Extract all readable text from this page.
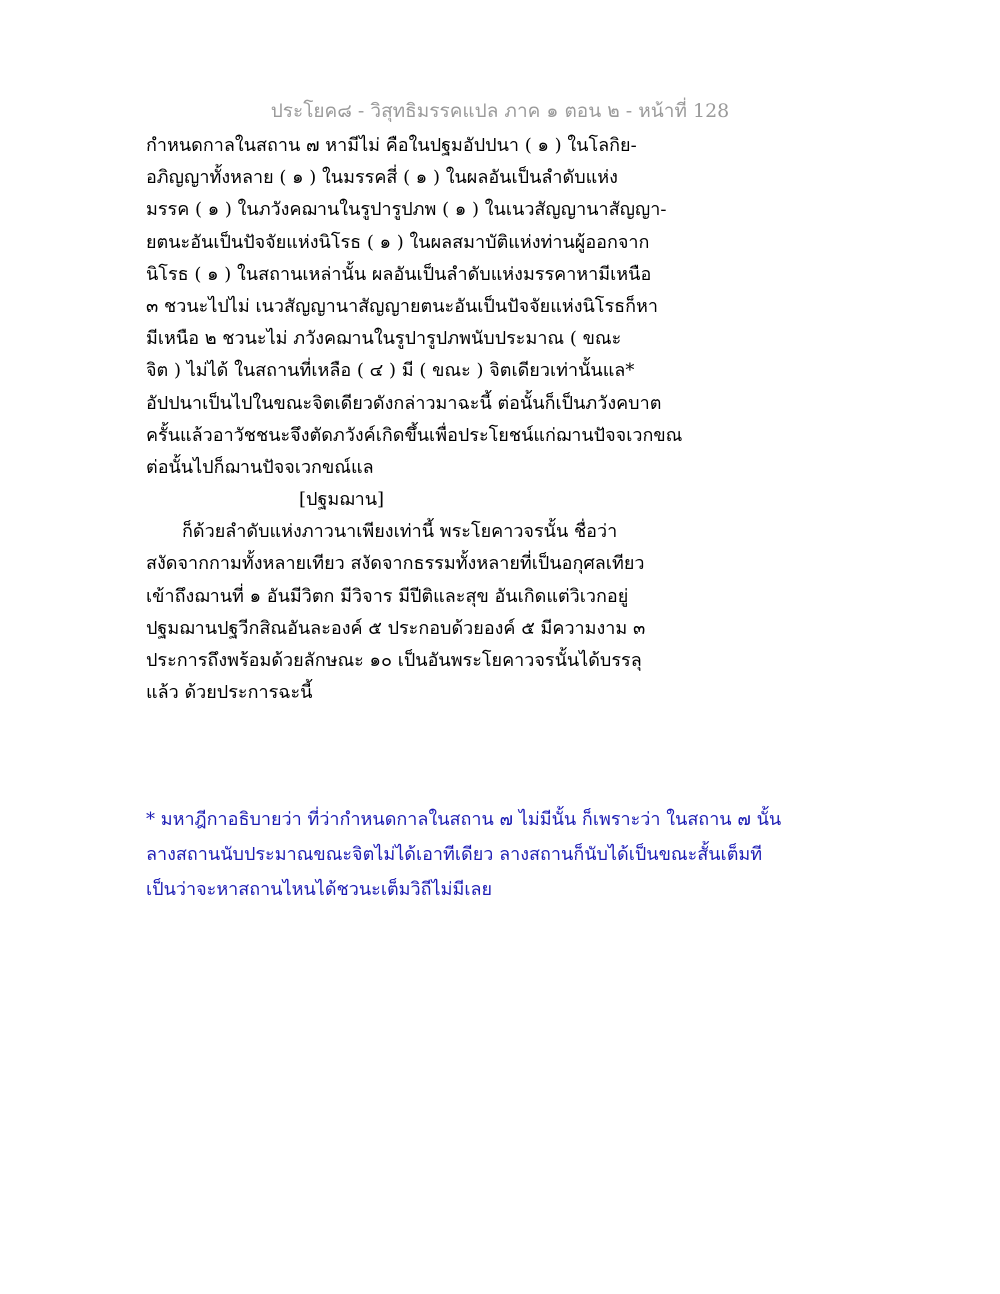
ประโยค๘ - วิสุทธิมรรคแปล ภาค ๑ ตอน ๒ - หน้าที่ 128
กำหนดกาลในสถาน ๗ หามีไม่ คือในปฐมอัปปนา ( ๑ ) ในโลกิย-
อภิญญาทั้งหลาย ( ๑ ) ในมรรคสี่ ( ๑ ) ในผลอันเป็นลำดับแห่ง
มรรค ( ๑ ) ในภวังคฌานในรูปารูปภพ ( ๑ ) ในเนวสัญญานาสัญญา-
ยตนะอันเป็นปัจจัยแห่งนิโรธ ( ๑ ) ในผลสมาบัติแห่งท่านผู้ออกจาก
นิโรธ ( ๑ ) ในสถานเหล่านั้น ผลอันเป็นลำดับแห่งมรรคาหามีเหนือ
๓ ชวนะไปไม่ เนวสัญญานาสัญญายตนะอันเป็นปัจจัยแห่งนิโรธก็หา
มีเหนือ ๒ ชวนะไม่ ภวังคฌานในรูปารูปภพนับประมาณ ( ขณะ
จิต ) ไม่ได้ ในสถานที่เหลือ ( ๔ ) มี ( ขณะ ) จิตเดียวเท่านั้นแล*
อัปปนาเป็นไปในขณะจิตเดียวดังกล่าวมาฉะนี้ ต่อนั้นก็เป็นภวังคบาต
ครั้นแล้วอาวัชชนะจึงตัดภวังค์เกิดขึ้นเพื่อประโยชน์แก่ฌานปัจจเวกขณ
ต่อนั้นไปก็ฌานปัจจเวกขณ์แล
[ปฐมฌาน]
ก็ด้วยลำดับแห่งภาวนาเพียงเท่านี้ พระโยคาวจรนั้น ชื่อว่า
สงัดจากกามทั้งหลายเทียว สงัดจากธรรมทั้งหลายที่เป็นอกุศลเทียว
เข้าถึงฌานที่ ๑ อันมีวิตก มีวิจาร มีปีติและสุข อันเกิดแต่วิเวกอยู่
ปฐมฌานปฐวีกสิณอันละองค์ ๕ ประกอบด้วยองค์ ๕ มีความงาม ๓
ประการถึงพร้อมด้วยลักษณะ ๑๐ เป็นอันพระโยคาวจรนั้นได้บรรลุ
แล้ว ด้วยประการฉะนี้
* มหาฎีกาอธิบายว่า ที่ว่ากำหนดกาลในสถาน ๗ ไม่มีนั้น ก็เพราะว่า ในสถาน ๗ นั้น
ลางสถานนับประมาณขณะจิตไม่ได้เอาทีเดียว ลางสถานก็นับได้เป็นขณะสั้นเต็มที
เป็นว่าจะหาสถานไหนได้ชวนะเต็มวิถีไม่มีเลย
